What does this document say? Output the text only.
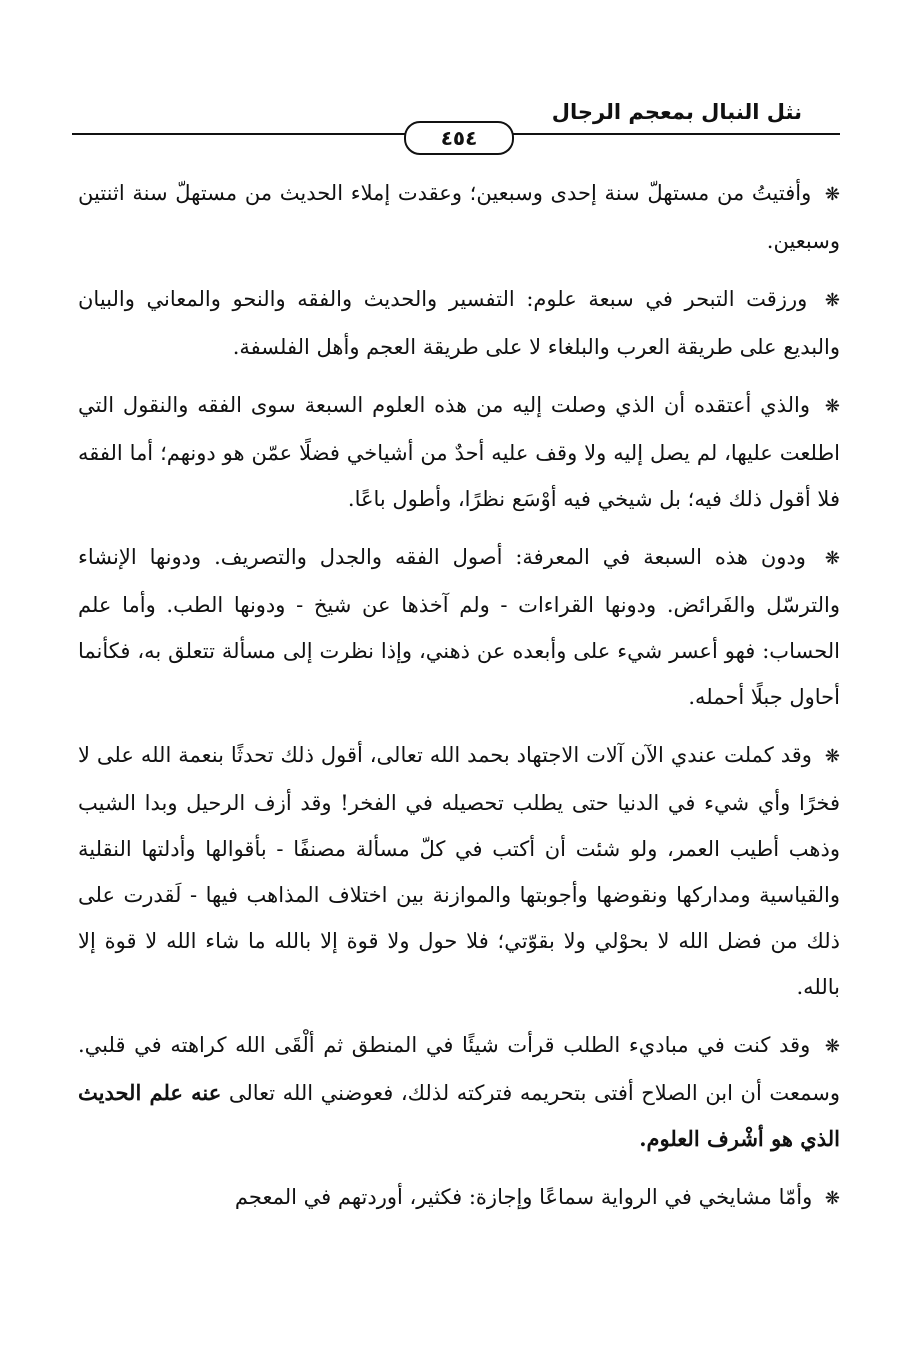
نثل النبال بمعجم الرجال
٤٥٤

❋ وأفتيتُ من مستهلّ سنة إحدى وسبعين؛ وعقدت إملاء الحديث من مستهلّ سنة اثنتين وسبعين.

❋ ورزقت التبحر في سبعة علوم: التفسير والحديث والفقه والنحو والمعاني والبيان والبديع على طريقة العرب والبلغاء لا على طريقة العجم وأهل الفلسفة.

❋ والذي أعتقده أن الذي وصلت إليه من هذه العلوم السبعة سوى الفقه والنقول التي اطلعت عليها، لم يصل إليه ولا وقف عليه أحدٌ من أشياخي فضلًا عمّن هو دونهم؛ أما الفقه فلا أقول ذلك فيه؛ بل شيخي فيه أوْسَع نظرًا، وأطول باعًا.

❋ ودون هذه السبعة في المعرفة: أصول الفقه والجدل والتصريف. ودونها الإنشاء والترسّل والفَرائض. ودونها القراءات - ولم آخذها عن شيخ - ودونها الطب. وأما علم الحساب: فهو أعسر شيء على وأبعده عن ذهني، وإذا نظرت إلى مسألة تتعلق به، فكأنما أحاول جبلًا أحمله.

❋ وقد كملت عندي الآن آلات الاجتهاد بحمد الله تعالى، أقول ذلك تحدثًا بنعمة الله على لا فخرًا وأي شيء في الدنيا حتى يطلب تحصيله في الفخر! وقد أزف الرحيل وبدا الشيب وذهب أطيب العمر، ولو شئت أن أكتب في كلّ مسألة مصنفًا - بأقوالها وأدلتها النقلية والقياسية ومداركها ونقوضها وأجوبتها والموازنة بين اختلاف المذاهب فيها - لَقدرت على ذلك من فضل الله لا بحوْلي ولا بقوّتي؛ فلا حول ولا قوة إلا بالله ما شاء الله لا قوة إلا بالله.

❋ وقد كنت في مباديء الطلب قرأت شيئًا في المنطق ثم ألْقَى الله كراهته في قلبي. وسمعت أن ابن الصلاح أفتى بتحريمه فتركته لذلك، فعوضني الله تعالى عنه علم الحديث الذي هو أشْرف العلوم.

❋ وأمّا مشايخي في الرواية سماعًا وإجازة: فكثير، أوردتهم في المعجم
